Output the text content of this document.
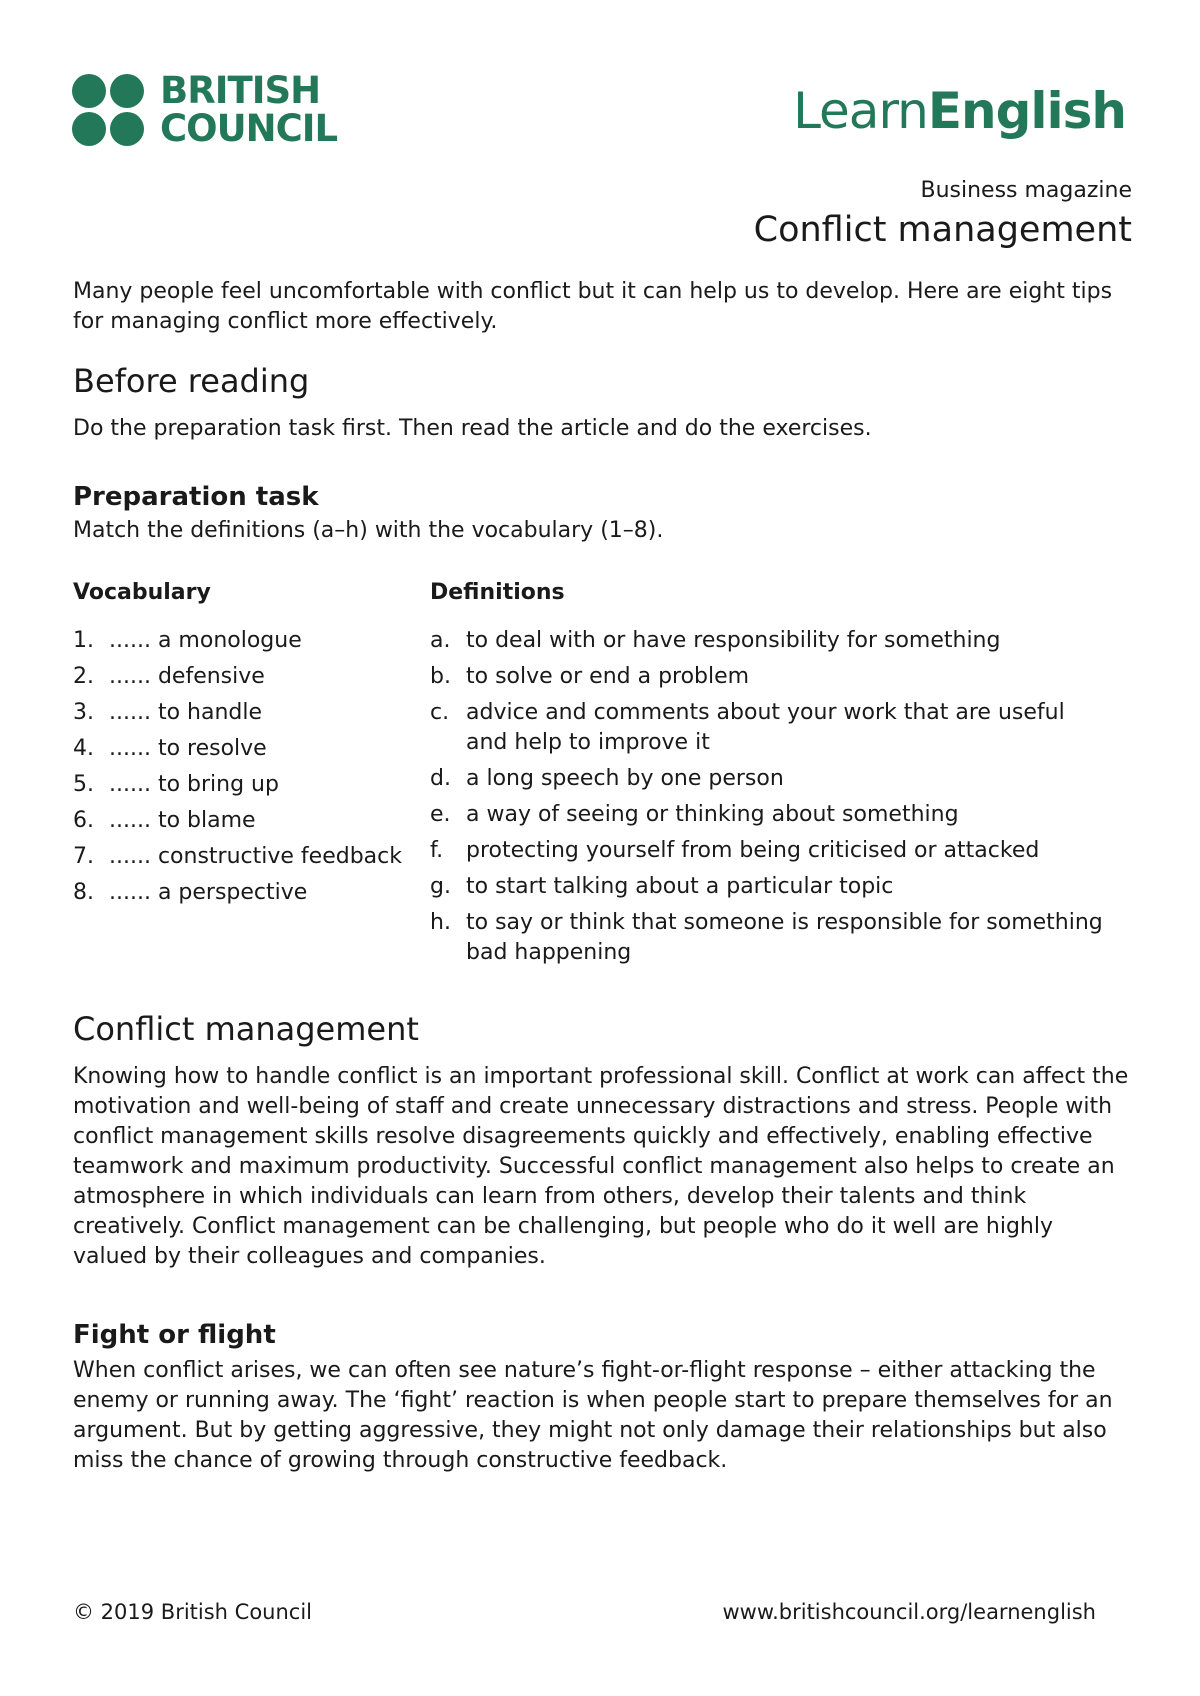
BRITISH
COUNCIL	LearnEnglish
Business magazine
Conflict management

Many people feel uncomfortable with conflict but it can help us to develop. Here are eight tips for managing conflict more effectively.

Before reading

Do the preparation task first. Then read the article and do the exercises.

Preparation task

Match the definitions (a–h) with the vocabulary (1–8).

Vocabulary
1. ...... a monologue
2. ...... defensive
3. ...... to handle
4. ...... to resolve
5. ...... to bring up
6. ...... to blame
7. ...... constructive feedback
8. ...... a perspective
Definitions
a. to deal with or have responsibility for something
b. to solve or end a problem
c. advice and comments about your work that are useful and help to improve it
d. a long speech by one person
e. a way of seeing or thinking about something
f.	protecting yourself from being criticised or attacked
g. to start talking about a particular topic
h. to say or think that someone is responsible for something bad happening
Conflict management

Knowing how to handle conflict is an important professional skill. Conflict at work can affect the motivation and well-being of staff and create unnecessary distractions and stress. People with conflict management skills resolve disagreements quickly and effectively, enabling effective teamwork and maximum productivity. Successful conflict management also helps to create an atmosphere in which individuals can learn from others, develop their talents and think creatively. Conflict management can be challenging, but people who do it well are highly valued by their colleagues and companies.

Fight or flight

When conflict arises, we can often see nature’s fight-or-flight response – either attacking the enemy or running away. The ‘fight’ reaction is when people start to prepare themselves for an argument. But by getting aggressive, they might not only damage their relationships but also miss the chance of growing through constructive feedback.

© 2019 British Council	www.britishcouncil.org/learnenglish
